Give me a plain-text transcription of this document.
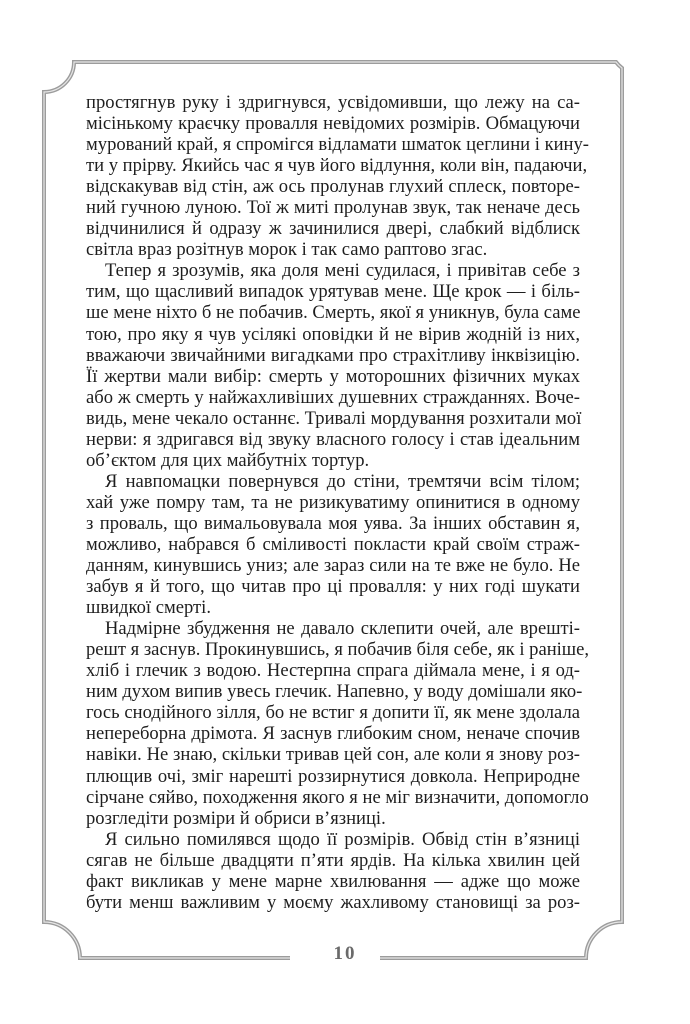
простягнув руку і здригнувся, усвідомивши, що лежу на са-
місінькому краєчку провалля невідомих розмірів. Обмацуючи
мурований край, я спромігся відламати шматок цеглини і кину-
ти у прірву. Якийсь час я чув його відлуння, коли він, падаючи,
відскакував від стін, аж ось пролунав глухий сплеск, повторе-
ний гучною луною. Тої ж миті пролунав звук, так неначе десь
відчинилися й одразу ж зачинилися двері, слабкий відблиск
світла враз розітнув морок і так само раптово згас.
Тепер я зрозумів, яка доля мені судилася, і привітав себе з
тим, що щасливий випадок урятував мене. Ще крок — і біль-
ше мене ніхто б не побачив. Смерть, якої я уникнув, була саме
тою, про яку я чув усілякі оповідки й не вірив жодній із них,
вважаючи звичайними вигадками про страхітливу інквізицію.
Її жертви мали вибір: смерть у моторошних фізичних муках
або ж смерть у найжахливіших душевних стражданнях. Воче-
видь, мене чекало останнє. Тривалі мордування розхитали мої
нерви: я здригався від звуку власного голосу і став ідеальним
об’єктом для цих майбутніх тортур.
Я навпомацки повернувся до стіни, тремтячи всім тілом;
хай уже помру там, та не ризикуватиму опинитися в одному
з проваль, що вимальовувала моя уява. За інших обставин я,
можливо, набрався б сміливості покласти край своїм страж-
данням, кинувшись униз; але зараз сили на те вже не було. Не
забув я й того, що читав про ці провалля: у них годі шукати
швидкої смерті.
Надмірне збудження не давало склепити очей, але врешті-
решт я заснув. Прокинувшись, я побачив біля себе, як і раніше,
хліб і глечик з водою. Нестерпна спрага діймала мене, і я од-
ним духом випив увесь глечик. Напевно, у воду домішали яко-
гось снодійного зілля, бо не встиг я допити її, як мене здолала
непереборна дрімота. Я заснув глибоким сном, неначе спочив
навіки. Не знаю, скільки тривав цей сон, але коли я знову роз-
плющив очі, зміг нарешті роззирнутися довкола. Неприродне
сірчане сяйво, походження якого я не міг визначити, допомогло
розгледіти розміри й обриси в’язниці.
Я сильно помилявся щодо її розмірів. Обвід стін в’язниці
сягав не більше двадцяти п’яти ярдів. На кілька хвилин цей
факт викликав у мене марне хвилювання — адже що може
бути менш важливим у моєму жахливому становищі за роз-
10
